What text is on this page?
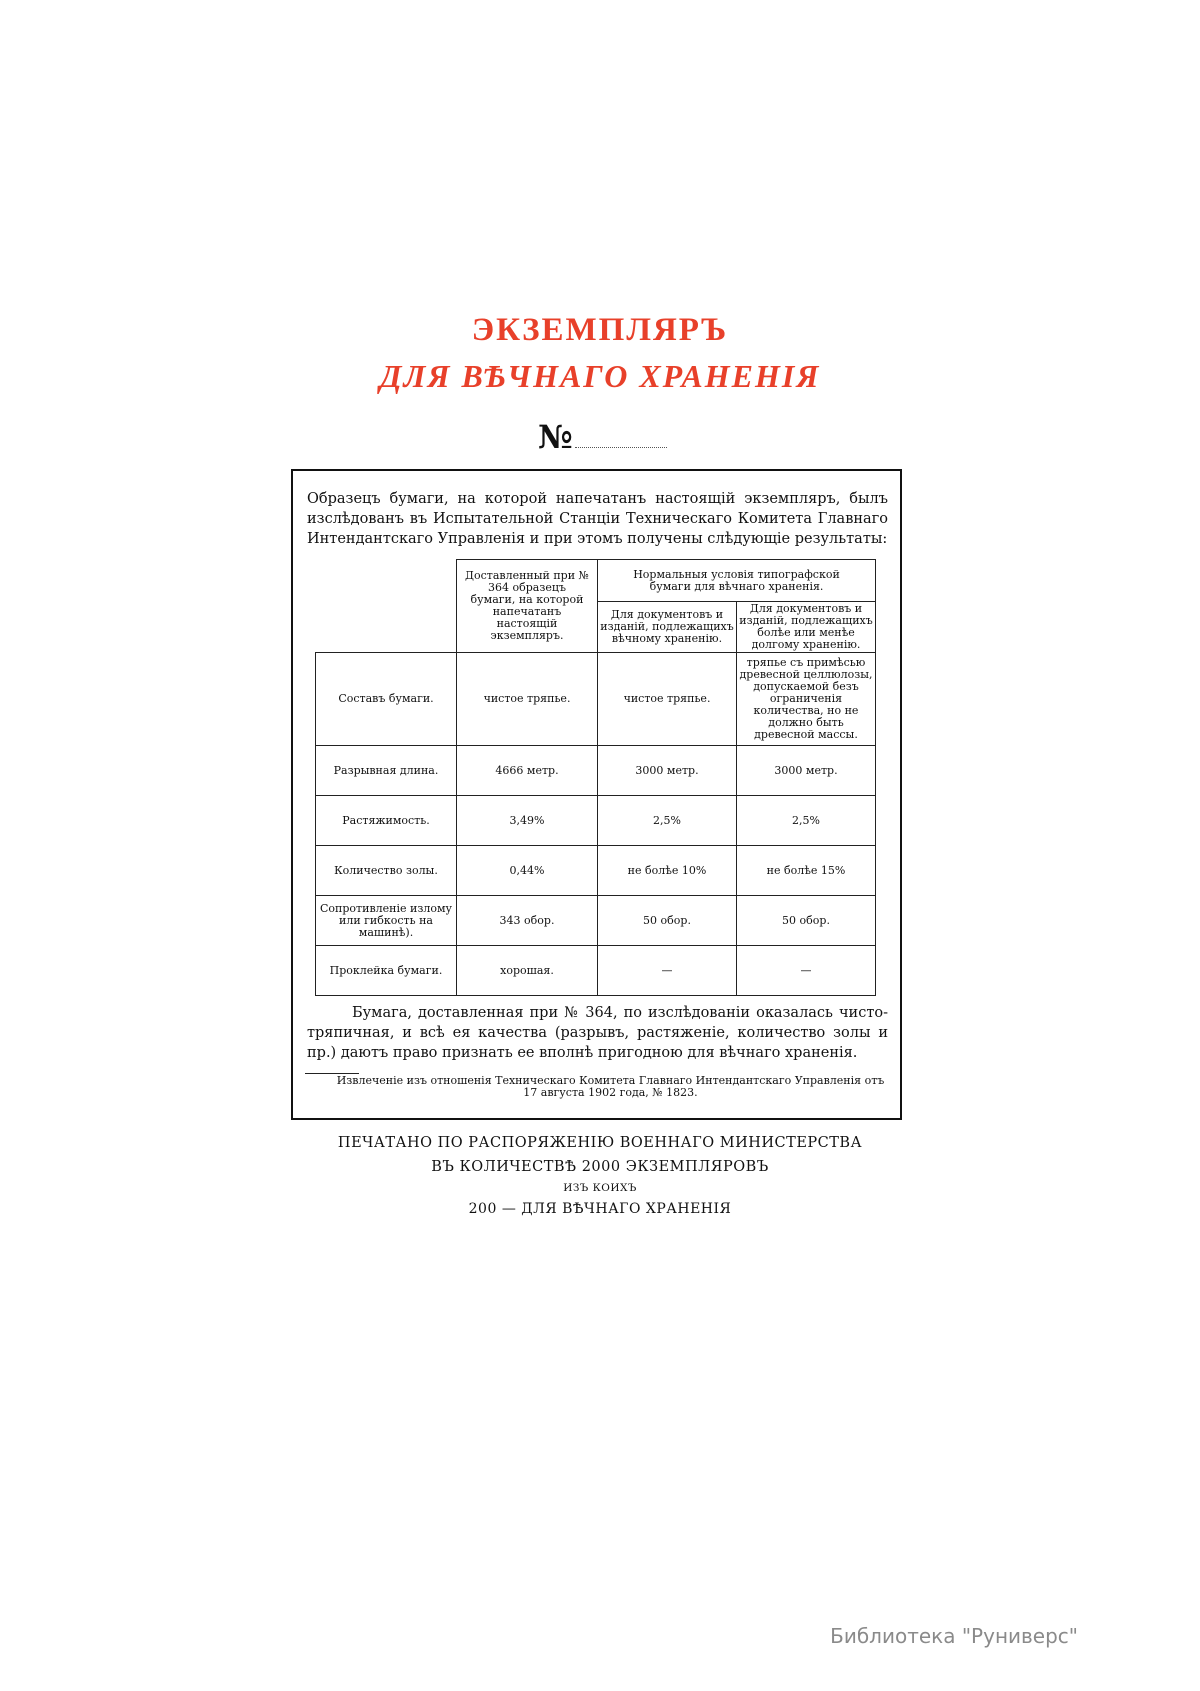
ЭКЗЕМПЛЯРЪ
ДЛЯ ВѢЧНАГО ХРАНЕНІЯ
№
Образецъ бумаги, на которой напечатанъ настоящій экземпляръ, былъ изслѣдованъ въ Испытательной Станціи Техническаго Комитета Главнаго Интендантскаго Управленія и при этомъ получены слѣдующіе результаты:
	Доставленный при № 364 образецъ бумаги, на которой напечатанъ настоящій экземпляръ.	Нормальныя условія типографской бумаги для вѣчнаго храненія.	
		Для документовъ и изданій, подлежащихъ вѣчному храненію.	Для документовъ и изданій, подлежащихъ болѣе или менѣе долгому храненію.
Составъ бумаги.	чистое тряпье.	чистое тряпье.	тряпье съ примѣсью древесной целлюлозы, допускаемой безъ ограниченія количества, но не должно быть древесной массы.
Разрывная длина.	4666 метр.	3000 метр.	3000 метр.
Растяжимость.	3,49%	2,5%	2,5%
Количество золы.	0,44%	не болѣе 10%	не болѣе 15%
Сопротивленіе излому или гибкость на машинѣ).	343 обор.	50 обор.	50 обор.
Проклейка бумаги.	хорошая.	—	—
Бумага, доставленная при № 364, по изслѣдованіи оказалась чисто-тряпичная, и всѣ ея качества (разрывъ, растяженіе, количество золы и пр.) даютъ право признать ее вполнѣ пригодною для вѣчнаго храненія.
Извлеченіе изъ отношенія Техническаго Комитета Главнаго Интендантскаго Управленія отъ 17 августа 1902 года, № 1823.
ПЕЧАТАНО ПО РАСПОРЯЖЕНІЮ ВОЕННАГО МИНИСТЕРСТВА
ВЪ КОЛИЧЕСТВѢ 2000 ЭКЗЕМПЛЯРОВЪ
ИЗЪ КОИХЪ
200 — ДЛЯ ВѢЧНАГО ХРАНЕНІЯ
Библиотека "Руниверс"
